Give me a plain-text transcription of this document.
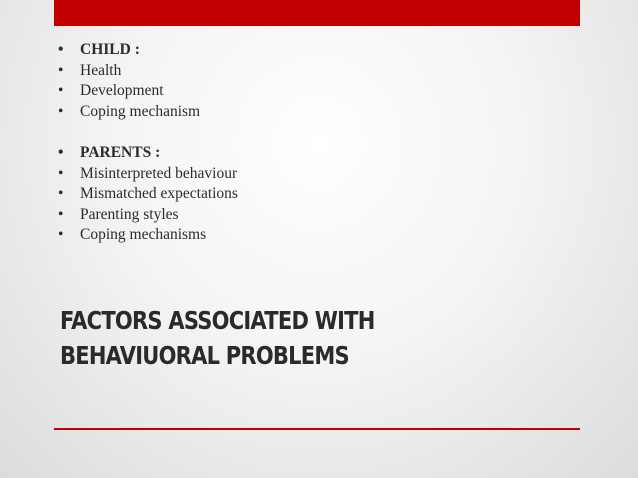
• CHILD :
• Health
• Development
• Coping mechanism
• PARENTS :
• Misinterpreted behaviour
• Mismatched expectations
• Parenting styles
• Coping mechanisms
FACTORS ASSOCIATED WITH
BEHAVIUORAL PROBLEMS
